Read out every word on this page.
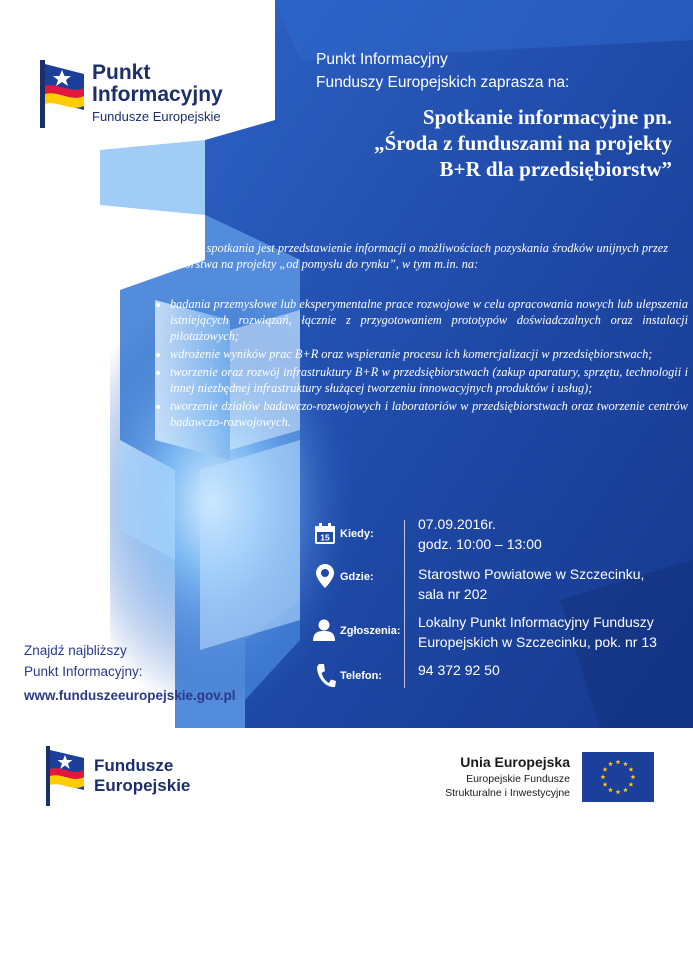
Punkt
Informacyjny
Fundusze Europejskie
Punkt Informacyjny
Funduszy Europejskich zaprasza na:
Spotkanie informacyjne pn.
„Środa z funduszami na projekty
B+R dla przedsiębiorstw”
Celem spotkania jest przedstawienie informacji o możliwościach pozyskania środków unijnych przez przedsiębiorstwa na projekty „od pomysłu do rynku”, w tym m.in. na:
• badania przemysłowe lub eksperymentalne prace rozwojowe w celu opracowania nowych lub ulepszenia istniejących rozwiązań, łącznie z przygotowaniem prototypów doświadczalnych oraz instalacji pilotażowych;
• wdrożenie wyników prac B+R oraz wspieranie procesu ich komercjalizacji w przedsiębiorstwach;
• tworzenie oraz rozwój infrastruktury B+R w przedsiębiorstwach (zakup aparatury, sprzętu, technologii i innej niezbędnej infrastruktury służącej tworzeniu innowacyjnych produktów i usług);
• tworzenie działów badawczo-rozwojowych i laboratoriów w przedsiębiorstwach oraz tworzenie centrów badawczo-rozwojowych.
15 Kiedy:
07.09.2016r.
godz. 10:00 – 13:00
Gdzie:	Starostwo Powiatowe w Szczecinku,
sala nr 202
Zgłoszenia:
Lokalny Punkt Informacyjny Funduszy
Europejskich w Szczecinku, pok. nr 13
Telefon:	94 372 92 50
Znajdź najbliższy
Punkt Informacyjny:
www.funduszeeuropejskie.gov.pl
Fundusze
Europejskie
Unia Europejska
Europejskie Fundusze
Strukturalne i Inwestycyjne
